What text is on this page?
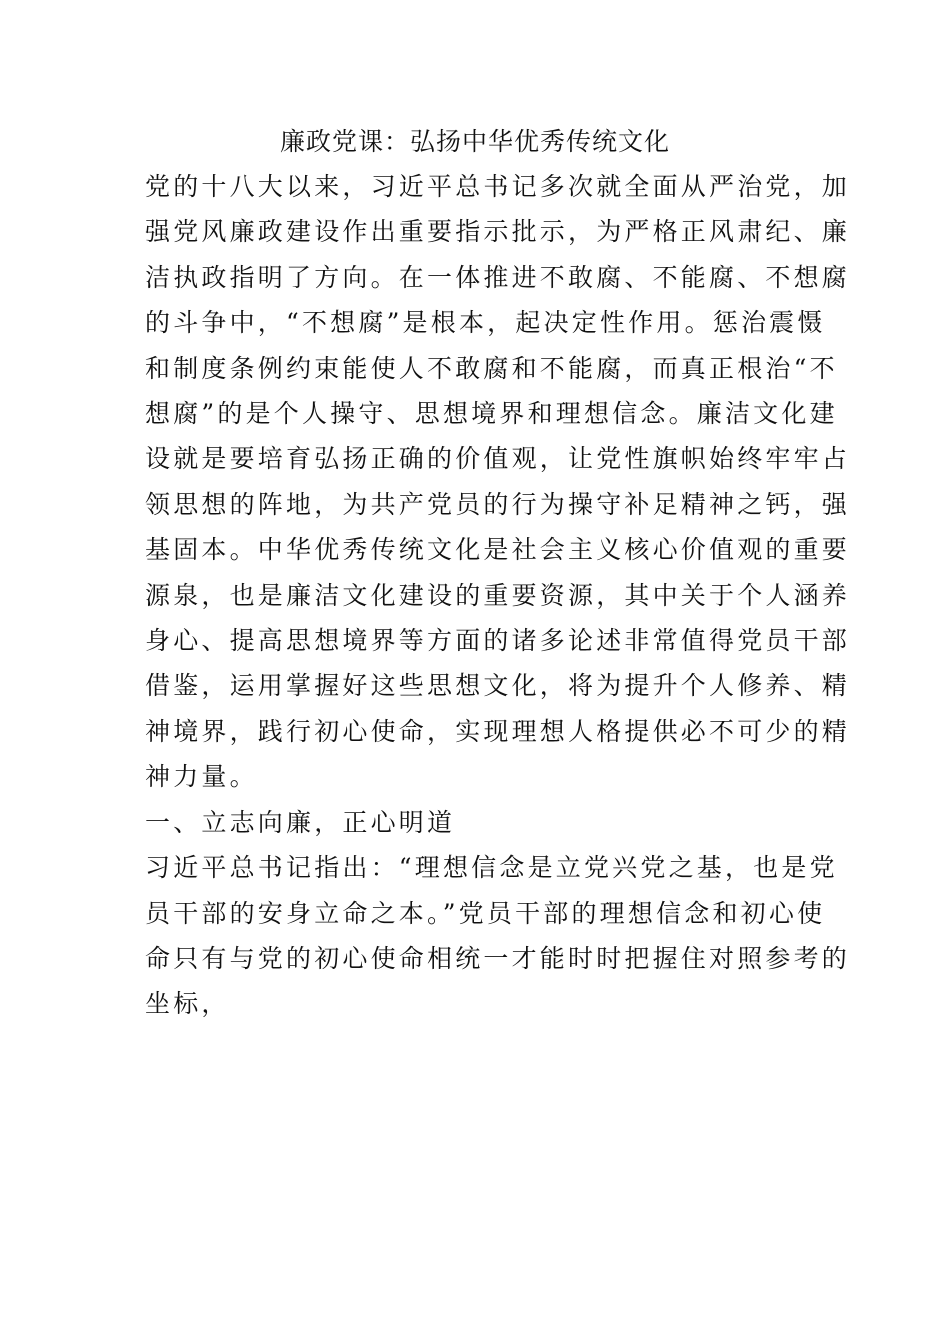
廉政党课：弘扬中华优秀传统文化

党的十八大以来，习近平总书记多次就全面从严治党，加
强党风廉政建设作出重要指示批示，为严格正风肃纪、廉
洁执政指明了方向。在一体推进不敢腐、不能腐、不想腐
的斗争中，“不想腐”是根本，起决定性作用。惩治震慑
和制度条例约束能使人不敢腐和不能腐，而真正根治“不
想腐”的是个人操守、思想境界和理想信念。廉洁文化建
设就是要培育弘扬正确的价值观，让党性旗帜始终牢牢占
领思想的阵地，为共产党员的行为操守补足精神之钙，强
基固本。中华优秀传统文化是社会主义核心价值观的重要
源泉，也是廉洁文化建设的重要资源，其中关于个人涵养
身心、提高思想境界等方面的诸多论述非常值得党员干部
借鉴，运用掌握好这些思想文化，将为提升个人修养、精
神境界，践行初心使命，实现理想人格提供必不可少的精
神力量。

一、立志向廉，正心明道

习近平总书记指出：“理想信念是立党兴党之基，也是党
员干部的安身立命之本。”党员干部的理想信念和初心使
命只有与党的初心使命相统一才能时时把握住对照参考的
坐标，
